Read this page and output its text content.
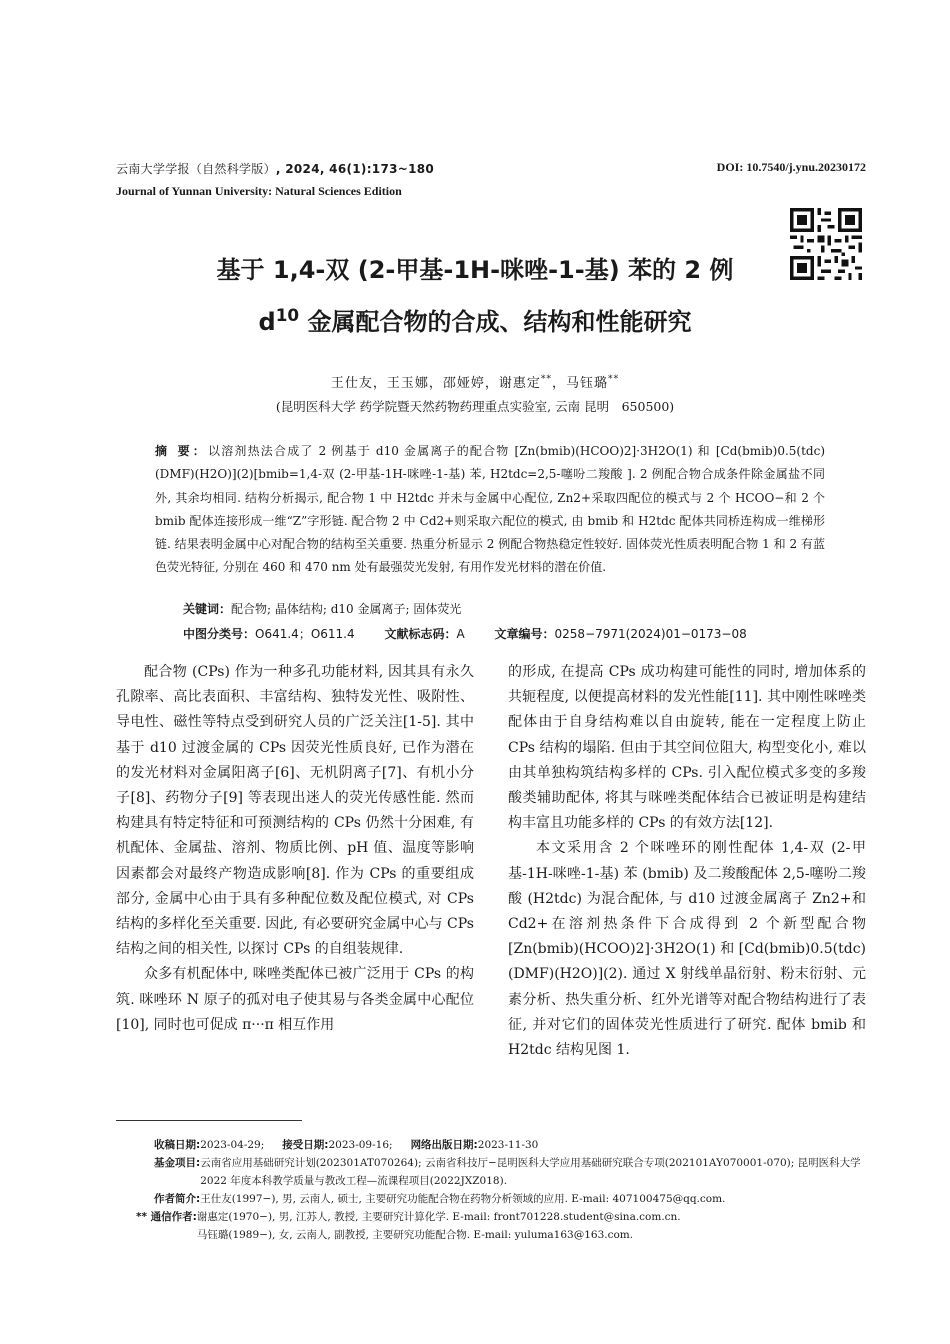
云南大学学报（自然科学版）, 2024, 46(1):173~180
Journal of Yunnan University: Natural Sciences Edition
DOI: 10.7540/j.ynu.20230172
基于 1,4-双 (2-甲基-1H-咪唑-1-基) 苯的 2 例
$d^{10}$ 金属配合物的合成、结构和性能研究
王仕友，王玉娜，邵娅婷，谢惠定**，马钰璐**
(昆明医科大学 药学院暨天然药物药理重点实验室, 云南 昆明　650500)
摘 要：以溶剂热法合成了 2 例基于 d10 金属离子的配合物 [Zn(bmib)(HCOO)2]·3H2O(1) 和 [Cd(bmib)0.5(tdc)(DMF)(H2O)](2)[bmib=1,4-双 (2-甲基-1H-咪唑-1-基) 苯, H2tdc=2,5-噻吩二羧酸 ]. 2 例配合物合成条件除金属盐不同外, 其余均相同. 结构分析揭示, 配合物 1 中 H2tdc 并未与金属中心配位, Zn2+采取四配位的模式与 2 个 HCOO−和 2 个 bmib 配体连接形成一维“Z”字形链. 配合物 2 中 Cd2+则采取六配位的模式, 由 bmib 和 H2tdc 配体共同桥连构成一维梯形链. 结果表明金属中心对配合物的结构至关重要. 热重分析显示 2 例配合物热稳定性较好. 固体荧光性质表明配合物 1 和 2 有蓝色荧光特征, 分别在 460 和 470 nm 处有最强荧光发射, 有用作发光材料的潜在价值.
关键词：配合物; 晶体结构; d10 金属离子; 固体荧光
中图分类号：O641.4；O611.4 文献标志码：A 文章编号：0258−7971(2024)01−0173−08

配合物 (CPs) 作为一种多孔功能材料, 因其具有永久孔隙率、高比表面积、丰富结构、独特发光性、吸附性、导电性、磁性等特点受到研究人员的广泛关注[1-5]. 其中基于 d10 过渡金属的 CPs 因荧光性质良好, 已作为潜在的发光材料对金属阳离子[6]、无机阴离子[7]、有机小分子[8]、药物分子[9] 等表现出迷人的荧光传感性能. 然而构建具有特定特征和可预测结构的 CPs 仍然十分困难, 有机配体、金属盐、溶剂、物质比例、pH 值、温度等影响因素都会对最终产物造成影响[8]. 作为 CPs 的重要组成部分, 金属中心由于具有多种配位数及配位模式, 对 CPs 结构的多样化至关重要. 因此, 有必要研究金属中心与 CPs 结构之间的相关性, 以探讨 CPs 的自组装规律.

众多有机配体中, 咪唑类配体已被广泛用于 CPs 的构筑. 咪唑环 N 原子的孤对电子使其易与各类金属中心配位[10], 同时也可促成 π···π 相互作用

的形成, 在提高 CPs 成功构建可能性的同时, 增加体系的共轭程度, 以便提高材料的发光性能[11]. 其中刚性咪唑类配体由于自身结构难以自由旋转, 能在一定程度上防止 CPs 结构的塌陷. 但由于其空间位阻大, 构型变化小, 难以由其单独构筑结构多样的 CPs. 引入配位模式多变的多羧酸类辅助配体, 将其与咪唑类配体结合已被证明是构建结构丰富且功能多样的 CPs 的有效方法[12].

本文采用含 2 个咪唑环的刚性配体 1,4-双 (2-甲基-1H-咪唑-1-基) 苯 (bmib) 及二羧酸配体 2,5-噻吩二羧酸 (H2tdc) 为混合配体, 与 d10 过渡金属离子 Zn2+和 Cd2+在溶剂热条件下合成得到 2 个新型配合物 [Zn(bmib)(HCOO)2]·3H2O(1) 和 [Cd(bmib)0.5(tdc)(DMF)(H2O)](2). 通过 X 射线单晶衍射、粉末衍射、元素分析、热失重分析、红外光谱等对配合物结构进行了表征, 并对它们的固体荧光性质进行了研究. 配体 bmib 和 H2tdc 结构见图 1.

收稿日期: 2023-04-29; 接受日期: 2023-09-16; 网络出版日期: 2023-11-30
基金项目: 云南省应用基础研究计划(202301AT070264); 云南省科技厅−昆明医科大学应用基础研究联合专项(202101AY070001-070); 昆明医科大学 2022 年度本科教学质量与教改工程—流课程项目(2022JXZ018).
作者简介: 王仕友(1997−), 男, 云南人, 硕士, 主要研究功能配合物在药物分析领域的应用. E-mail: 407100475@qq.com.
** 通信作者: 谢惠定(1970−), 男, 江苏人, 教授, 主要研究计算化学. E-mail: front701228.student@sina.com.cn.
马钰璐(1989−), 女, 云南人, 副教授, 主要研究功能配合物. E-mail: yuluma163@163.com.
